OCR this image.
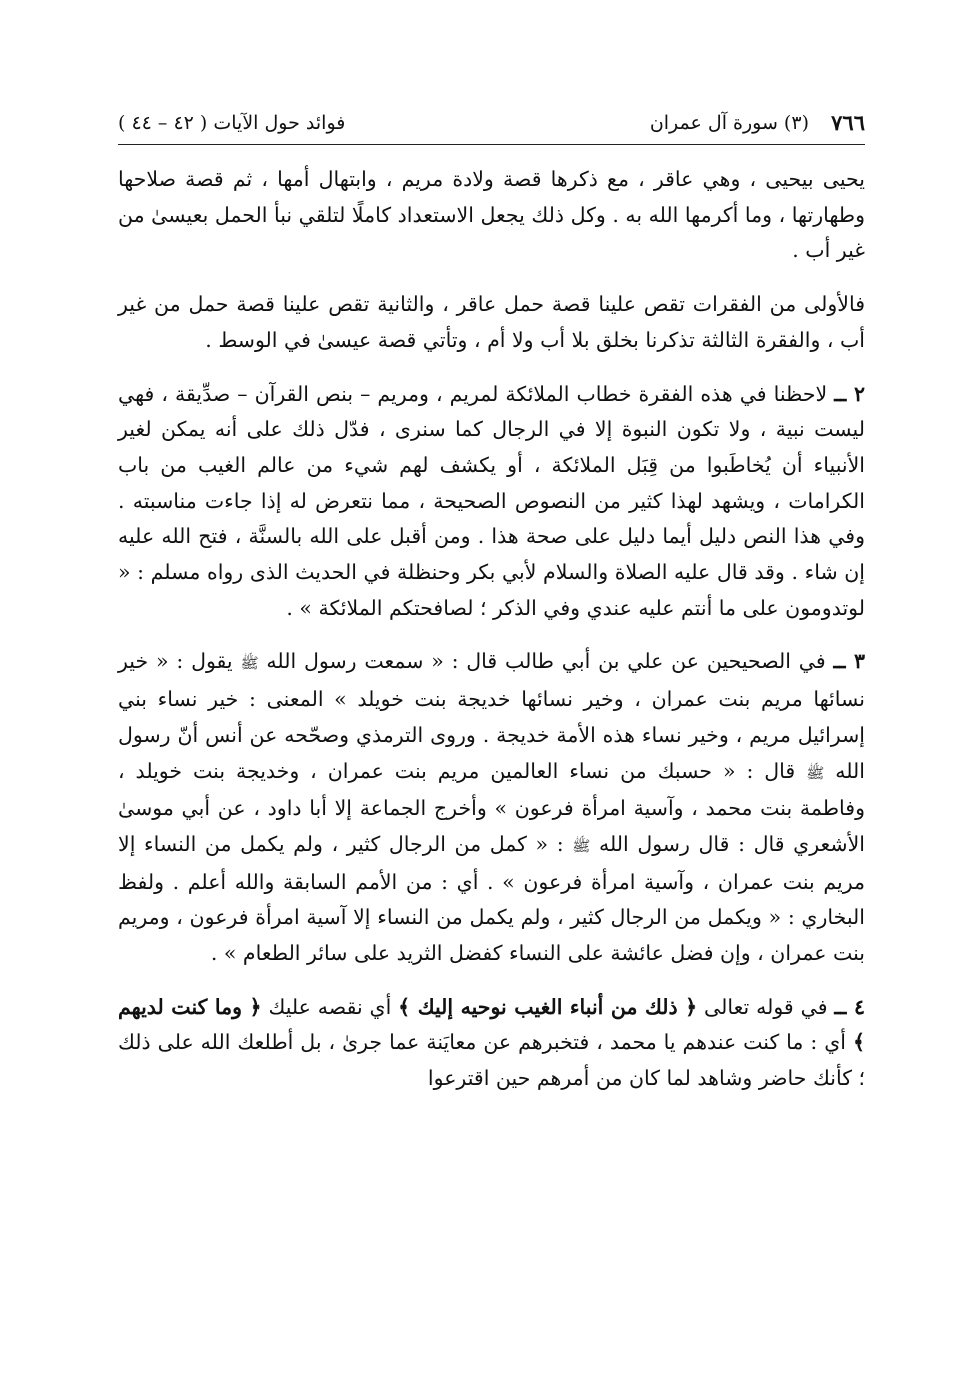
٧٦٦
(٣) سورة آل عمران
فوائد حول الآيات ( ٤٢ – ٤٤ )

يحيى بيحيى ، وهي عاقر ، مع ذكرها قصة ولادة مريم ، وابتهال أمها ، ثم قصة صلاحها وطهارتها ، وما أكرمها الله به . وكل ذلك يجعل الاستعداد كاملًا لتلقي نبأ الحمل بعيسىٰ من غير أب .

فالأولى من الفقرات تقص علينا قصة حمل عاقر ، والثانية تقص علينا قصة حمل من غير أب ، والفقرة الثالثة تذكرنا بخلق بلا أب ولا أم ، وتأتي قصة عيسىٰ في الوسط .

٢ ــ لاحظنا في هذه الفقرة خطاب الملائكة لمريم ، ومريم – بنص القرآن – صدِّيقة ، فهي ليست نبية ، ولا تكون النبوة إلا في الرجال كما سنرى ، فدّل ذلك على أنه يمكن لغير الأنبياء أن يُخاطَبوا من قِبَل الملائكة ، أو يكشف لهم شيء من عالم الغيب من باب الكرامات ، ويشهد لهذا كثير من النصوص الصحيحة ، مما نتعرض له إذا جاءت مناسبته . وفي هذا النص دليل أيما دليل على صحة هذا . ومن أقبل على الله بالسنَّة ، فتح الله عليه إن شاء . وقد قال عليه الصلاة والسلام لأبي بكر وحنظلة في الحديث الذى رواه مسلم : « لوتدومون على ما أنتم عليه عندي وفي الذكر ؛ لصافحتكم الملائكة » .

٣ ــ في الصحيحين عن علي بن أبي طالب قال : « سمعت رسول الله ﷺ يقول : « خير نسائها مريم بنت عمران ، وخير نسائها خديجة بنت خويلد » المعنى : خير نساء بني إسرائيل مريم ، وخير نساء هذه الأمة خديجة . وروى الترمذي وصحّحه عن أنس أنّ رسول الله ﷺ قال : « حسبك من نساء العالمين مريم بنت عمران ، وخديجة بنت خويلد ، وفاطمة بنت محمد ، وآسية امرأة فرعون » وأخرج الجماعة إلا أبا داود ، عن أبي موسىٰ الأشعري قال : قال رسول الله ﷺ : « كمل من الرجال كثير ، ولم يكمل من النساء إلا مريم بنت عمران ، وآسية امرأة فرعون » . أي : من الأمم السابقة والله أعلم . ولفظ البخاري : « ويكمل من الرجال كثير ، ولم يكمل من النساء إلا آسية امرأة فرعون ، ومريم بنت عمران ، وإن فضل عائشة على النساء كفضل الثريد على سائر الطعام » .

٤ ــ في قوله تعالى ﴿ ذلك من أنباء الغيب نوحيه إليك ﴾ أي نقصه عليك ﴿ وما كنت لديهم ﴾ أي : ما كنت عندهم يا محمد ، فتخبرهم عن معايَنة عما جرىٰ ، بل أطلعك الله على ذلك ؛ كأنك حاضر وشاهد لما كان من أمرهم حين اقترعوا
